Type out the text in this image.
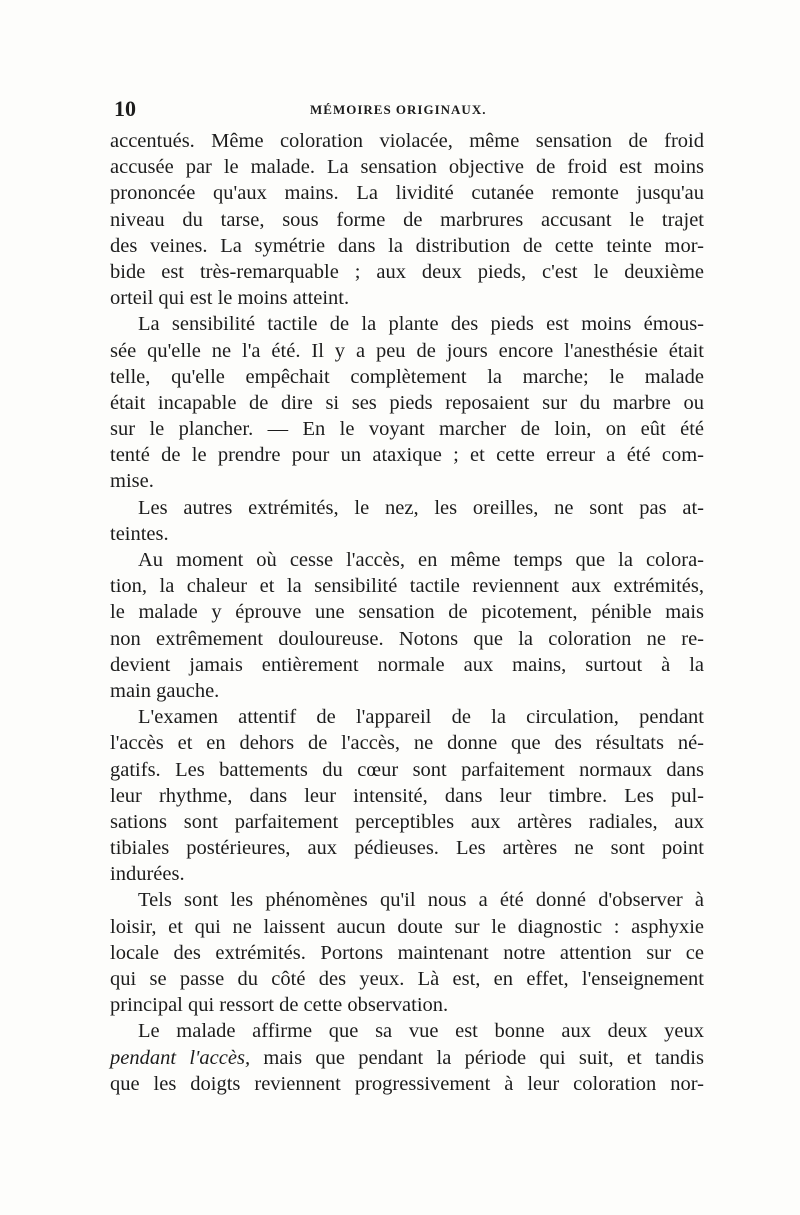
10	MÉMOIRES ORIGINAUX.
accentués. Même coloration violacée, même sensation de froid
accusée par le malade. La sensation objective de froid est moins
prononcée qu'aux mains. La lividité cutanée remonte jusqu'au
niveau du tarse, sous forme de marbrures accusant le trajet
des veines. La symétrie dans la distribution de cette teinte mor-
bide est très-remarquable ; aux deux pieds, c'est le deuxième
orteil qui est le moins atteint.
La sensibilité tactile de la plante des pieds est moins émous-
sée qu'elle ne l'a été. Il y a peu de jours encore l'anesthésie était
telle, qu'elle empêchait complètement la marche; le malade
était incapable de dire si ses pieds reposaient sur du marbre ou
sur le plancher. — En le voyant marcher de loin, on eût été
tenté de le prendre pour un ataxique ; et cette erreur a été com-
mise.
Les autres extrémités, le nez, les oreilles, ne sont pas at-
teintes.
Au moment où cesse l'accès, en même temps que la colora-
tion, la chaleur et la sensibilité tactile reviennent aux extrémités,
le malade y éprouve une sensation de picotement, pénible mais
non extrêmement douloureuse. Notons que la coloration ne re-
devient jamais entièrement normale aux mains, surtout à la
main gauche.
L'examen attentif de l'appareil de la circulation, pendant
l'accès et en dehors de l'accès, ne donne que des résultats né-
gatifs. Les battements du cœur sont parfaitement normaux dans
leur rhythme, dans leur intensité, dans leur timbre. Les pul-
sations sont parfaitement perceptibles aux artères radiales, aux
tibiales postérieures, aux pédieuses. Les artères ne sont point
indurées.
Tels sont les phénomènes qu'il nous a été donné d'observer à
loisir, et qui ne laissent aucun doute sur le diagnostic : asphyxie
locale des extrémités. Portons maintenant notre attention sur ce
qui se passe du côté des yeux. Là est, en effet, l'enseignement
principal qui ressort de cette observation.
Le malade affirme que sa vue est bonne aux deux yeux
pendant l'accès, mais que pendant la période qui suit, et tandis
que les doigts reviennent progressivement à leur coloration nor-
